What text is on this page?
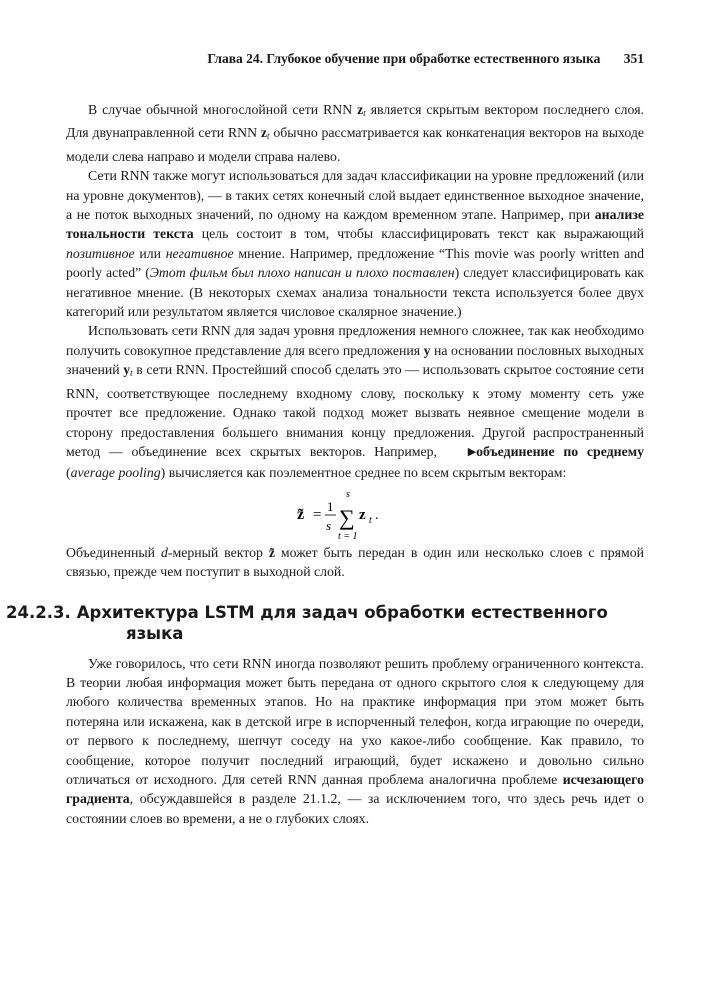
Глава 24. Глубокое обучение при обработке естественного языка 351

В случае обычной многослойной сети RNN $z_t$ является скрытым вектором последнего слоя. Для двунаправленной сети RNN $z_t$ обычно рассматривается как конкатенация векторов на выходе модели слева направо и модели справа налево.

Сети RNN также могут использоваться для задач классификации на уровне предложений (или на уровне документов), — в таких сетях конечный слой выдает единственное выходное значение, а не поток выходных значений, по одному на каждом временном этапе. Например, при анализе тональности текста цель состоит в том, чтобы классифицировать текст как выражающий позитивное или негативное мнение. Например, предложение “This movie was poorly written and poorly acted” (Этот фильм был плохо написан и плохо поставлен) следует классифицировать как негативное мнение. (В некоторых схемах анализа тональности текста используется более двух категорий или результатом является числовое скалярное значение.)

Использовать сети RNN для задач уровня предложения немного сложнее, так как необходимо получить совокупное представление для всего предложения y на основании пословных выходных значений $y_t$ в сети RNN. Простейший способ сделать это — использовать скрытое состояние сети RNN, соответствующее последнему входному слову, поскольку к этому моменту сеть уже прочтет все предложение. Однако такой подход может вызвать неявное смещение модели в сторону предоставления большего внимания концу предложения. Другой распространенный метод — объединение всех скрытых векторов. Например, ▶объединение по среднему (average pooling) вычисляется как поэлементное среднее по всем скрытым векторам:

z̃ =
1
s
s
∑
t = 1
z t .

Объединенный d-мерный вектор z̃ может быть передан в один или несколько слоев с прямой связью, прежде чем поступит в выходной слой.

24.2.3. Архитектура LSTM для задач обработки естественного языка

Уже говорилось, что сети RNN иногда позволяют решить проблему ограниченного контекста. В теории любая информация может быть передана от одного скрытого слоя к следующему для любого количества временных этапов. Но на практике информация при этом может быть потеряна или искажена, как в детской игре в испорченный телефон, когда играющие по очереди, от первого к последнему, шепчут соседу на ухо какое-либо сообщение. Как правило, то сообщение, которое получит последний играющий, будет искажено и довольно сильно отличаться от исходного. Для сетей RNN данная проблема аналогична проблеме исчезающего градиента, обсуждавшейся в разделе 21.1.2, — за исключением того, что здесь речь идет о состоянии слоев во времени, а не о глубоких слоях.
